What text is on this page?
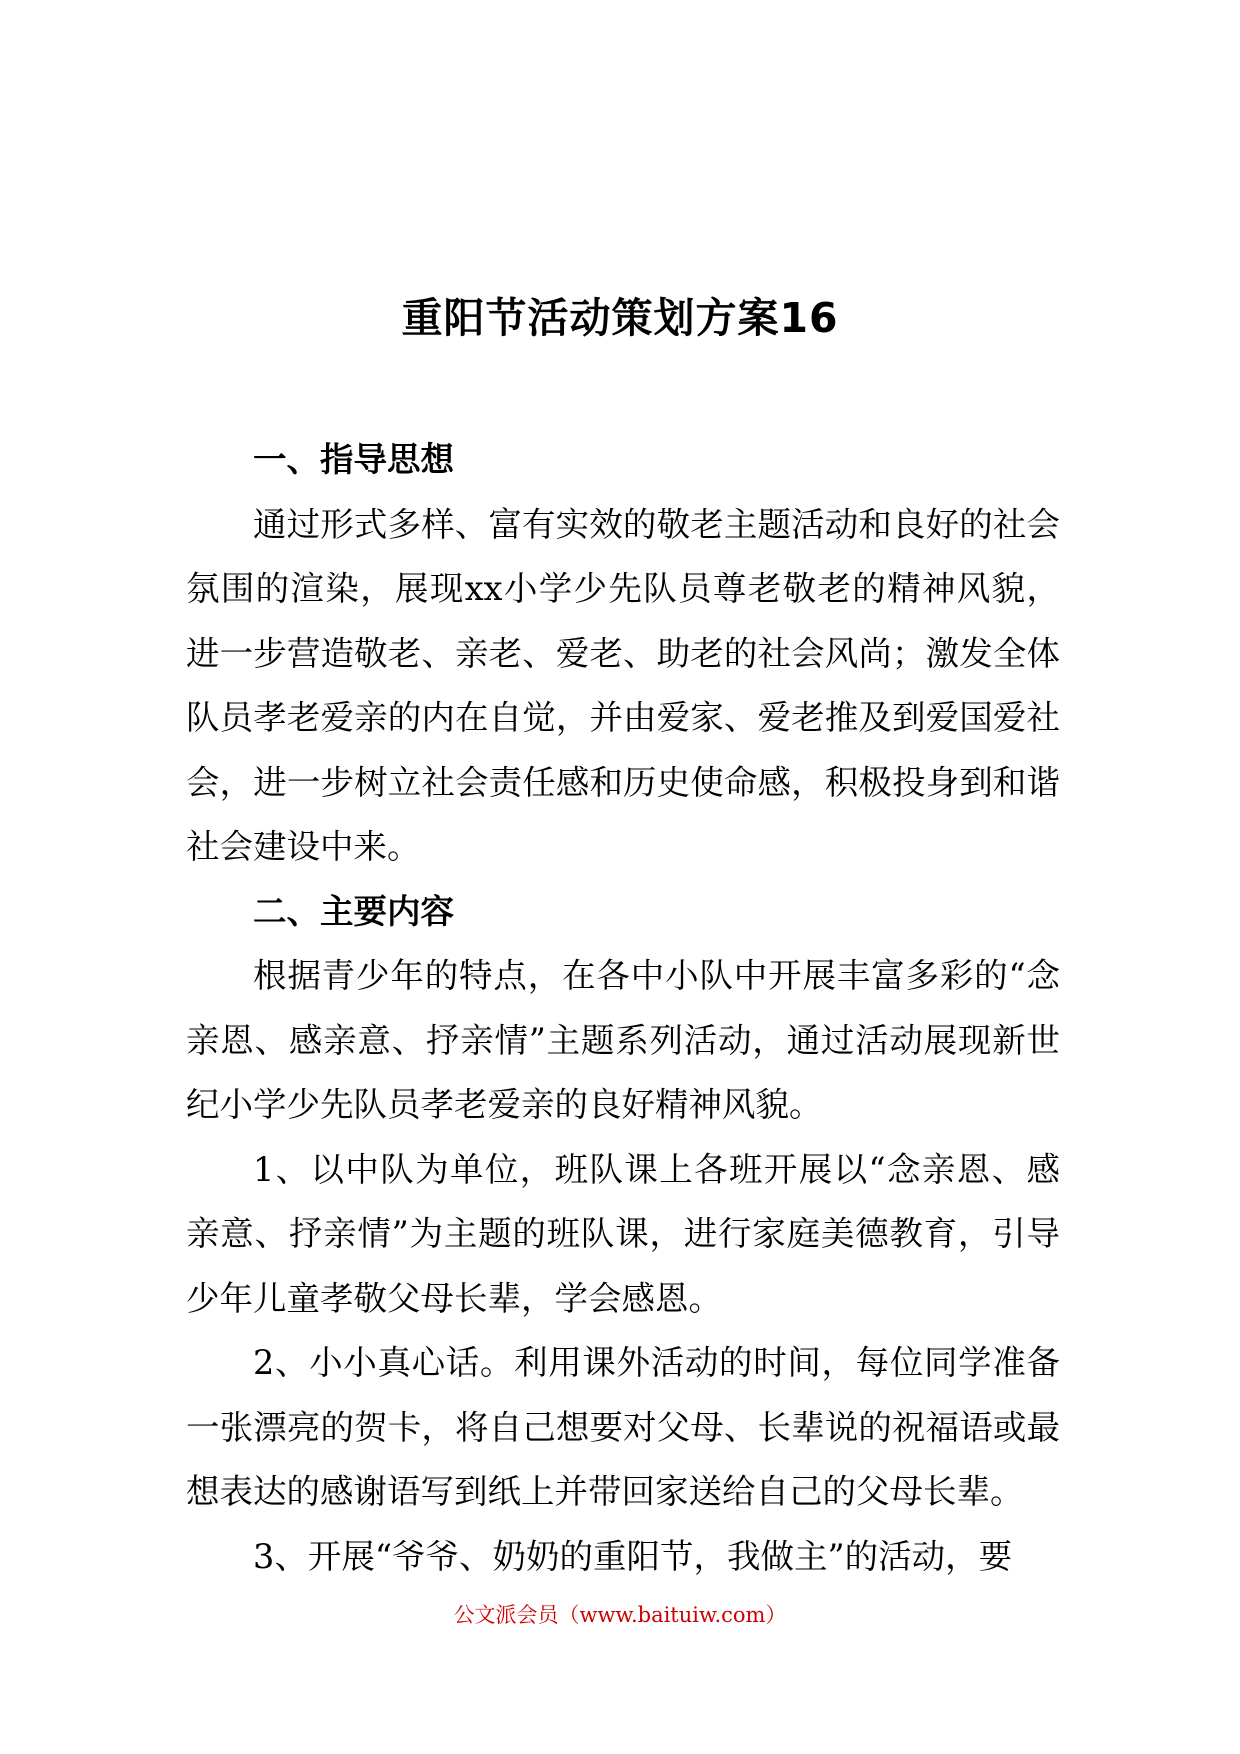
重阳节活动策划方案16

一、指导思想

通过形式多样、富有实效的敬老主题活动和良好的社会氛围的渲染，展现xx小学少先队员尊老敬老的精神风貌，进一步营造敬老、亲老、爱老、助老的社会风尚；激发全体队员孝老爱亲的内在自觉，并由爱家、爱老推及到爱国爱社会，进一步树立社会责任感和历史使命感，积极投身到和谐社会建设中来。

二、主要内容

根据青少年的特点，在各中小队中开展丰富多彩的“念亲恩、感亲意、抒亲情”主题系列活动，通过活动展现新世纪小学少先队员孝老爱亲的良好精神风貌。

1、以中队为单位，班队课上各班开展以“念亲恩、感亲意、抒亲情”为主题的班队课，进行家庭美德教育，引导少年儿童孝敬父母长辈，学会感恩。

2、小小真心话。利用课外活动的时间，每位同学准备一张漂亮的贺卡，将自己想要对父母、长辈说的祝福语或最想表达的感谢语写到纸上并带回家送给自己的父母长辈。

3、开展“爷爷、奶奶的重阳节，我做主”的活动，要

公文派会员（www.baituiw.com）
